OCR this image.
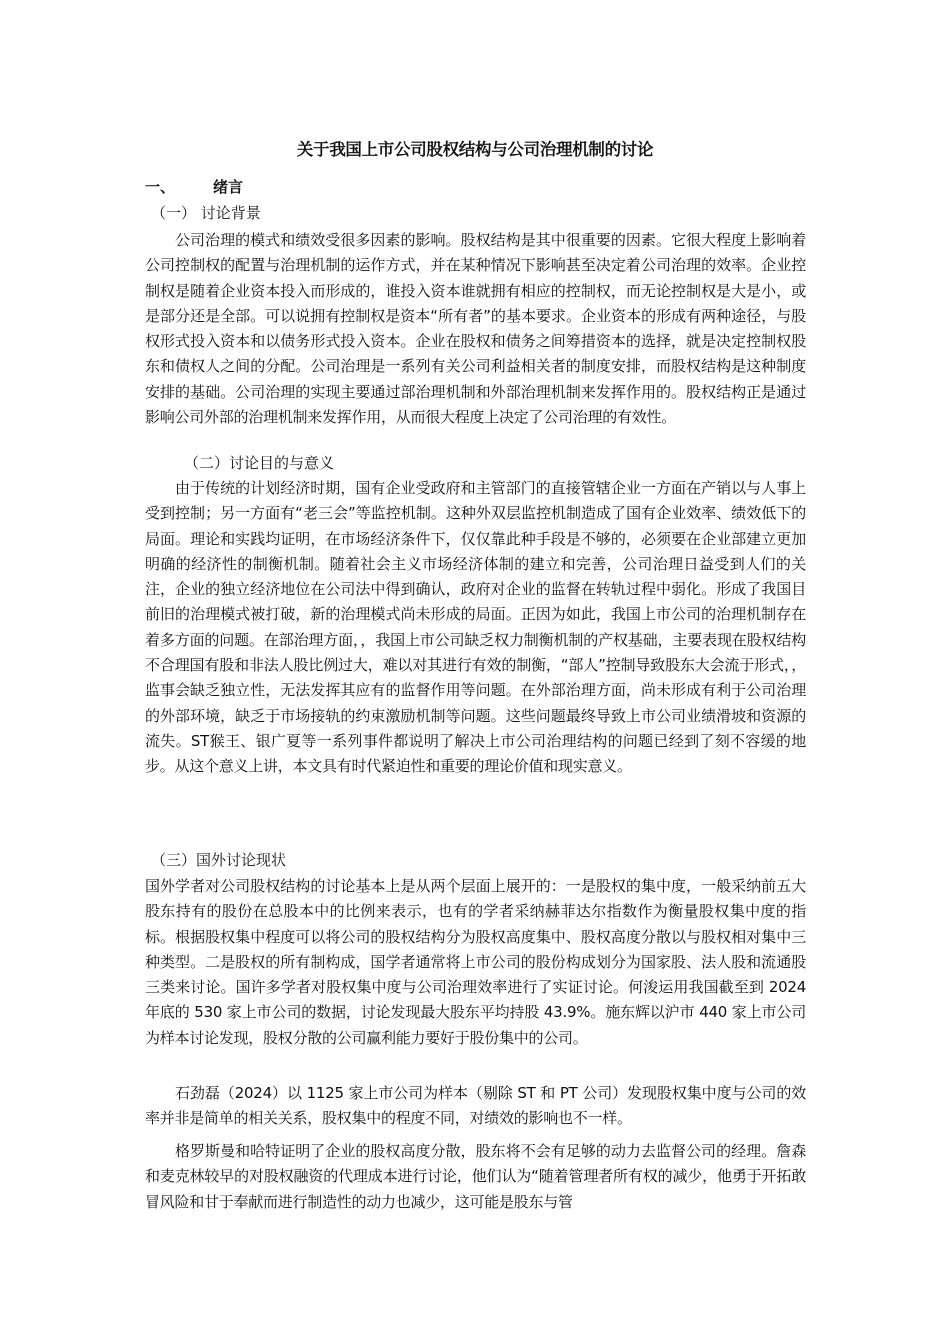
关于我国上市公司股权结构与公司治理机制的讨论
一、	绪言
（一） 讨论背景
公司治理的模式和绩效受很多因素的影响。股权结构是其中很重要的因素。它很大程度上影响着公司控制权的配置与治理机制的运作方式，并在某种情况下影响甚至决定着公司治理的效率。企业控制权是随着企业资本投入而形成的，谁投入资本谁就拥有相应的控制权，而无论控制权是大是小，或是部分还是全部。可以说拥有控制权是资本“所有者”的基本要求。企业资本的形成有两种途径，与股权形式投入资本和以债务形式投入资本。企业在股权和债务之间筹措资本的选择，就是决定控制权股东和债权人之间的分配。公司治理是一系列有关公司利益相关者的制度安排，而股权结构是这种制度安排的基础。公司治理的实现主要通过部治理机制和外部治理机制来发挥作用的。股权结构正是通过影响公司外部的治理机制来发挥作用，从而很大程度上决定了公司治理的有效性。
（二）讨论目的与意义
由于传统的计划经济时期，国有企业受政府和主管部门的直接管辖企业一方面在产销以与人事上受到控制；另一方面有“老三会”等监控机制。这种外双层监控机制造成了国有企业效率、绩效低下的局面。理论和实践均证明，在市场经济条件下，仅仅靠此种手段是不够的，必须要在企业部建立更加明确的经济性的制衡机制。随着社会主义市场经济体制的建立和完善，公司治理日益受到人们的关注，企业的独立经济地位在公司法中得到确认，政府对企业的监督在转轨过程中弱化。形成了我国目前旧的治理模式被打破，新的治理模式尚未形成的局面。正因为如此，我国上市公司的治理机制存在着多方面的问题。在部治理方面，，我国上市公司缺乏权力制衡机制的产权基础，主要表现在股权结构不合理国有股和非法人股比例过大，难以对其进行有效的制衡，“部人”控制导致股东大会流于形式，，监事会缺乏独立性，无法发挥其应有的监督作用等问题。在外部治理方面，尚未形成有利于公司治理的外部环境，缺乏于市场接轨的约束激励机制等问题。这些问题最终导致上市公司业绩滑坡和资源的流失。ST猴王、银广夏等一系列事件都说明了解决上市公司治理结构的问题已经到了刻不容缓的地步。从这个意义上讲，本文具有时代紧迫性和重要的理论价值和现实意义。
（三）国外讨论现状
国外学者对公司股权结构的讨论基本上是从两个层面上展开的：一是股权的集中度，一般采纳前五大股东持有的股份在总股本中的比例来表示，也有的学者采纳赫菲达尔指数作为衡量股权集中度的指标。根据股权集中程度可以将公司的股权结构分为股权高度集中、股权高度分散以与股权相对集中三种类型。二是股权的所有制构成，国学者通常将上市公司的股份构成划分为国家股、法人股和流通股三类来讨论。国许多学者对股权集中度与公司治理效率进行了实证讨论。何浚运用我国截至到 2024 年底的 530 家上市公司的数据，讨论发现最大股东平均持股 43.9%。施东辉以沪市 440 家上市公司为样本讨论发现，股权分散的公司赢利能力要好于股份集中的公司。
石劲磊（2024）以 1125 家上市公司为样本（剔除 ST 和 PT 公司）发现股权集中度与公司的效率并非是简单的相关关系，股权集中的程度不同，对绩效的影响也不一样。
格罗斯曼和哈特证明了企业的股权高度分散，股东将不会有足够的动力去监督公司的经理。詹森和麦克林较早的对股权融资的代理成本进行讨论，他们认为“随着管理者所有权的减少，他勇于开拓敢冒风险和甘于奉献而进行制造性的动力也减少，这可能是股东与管
